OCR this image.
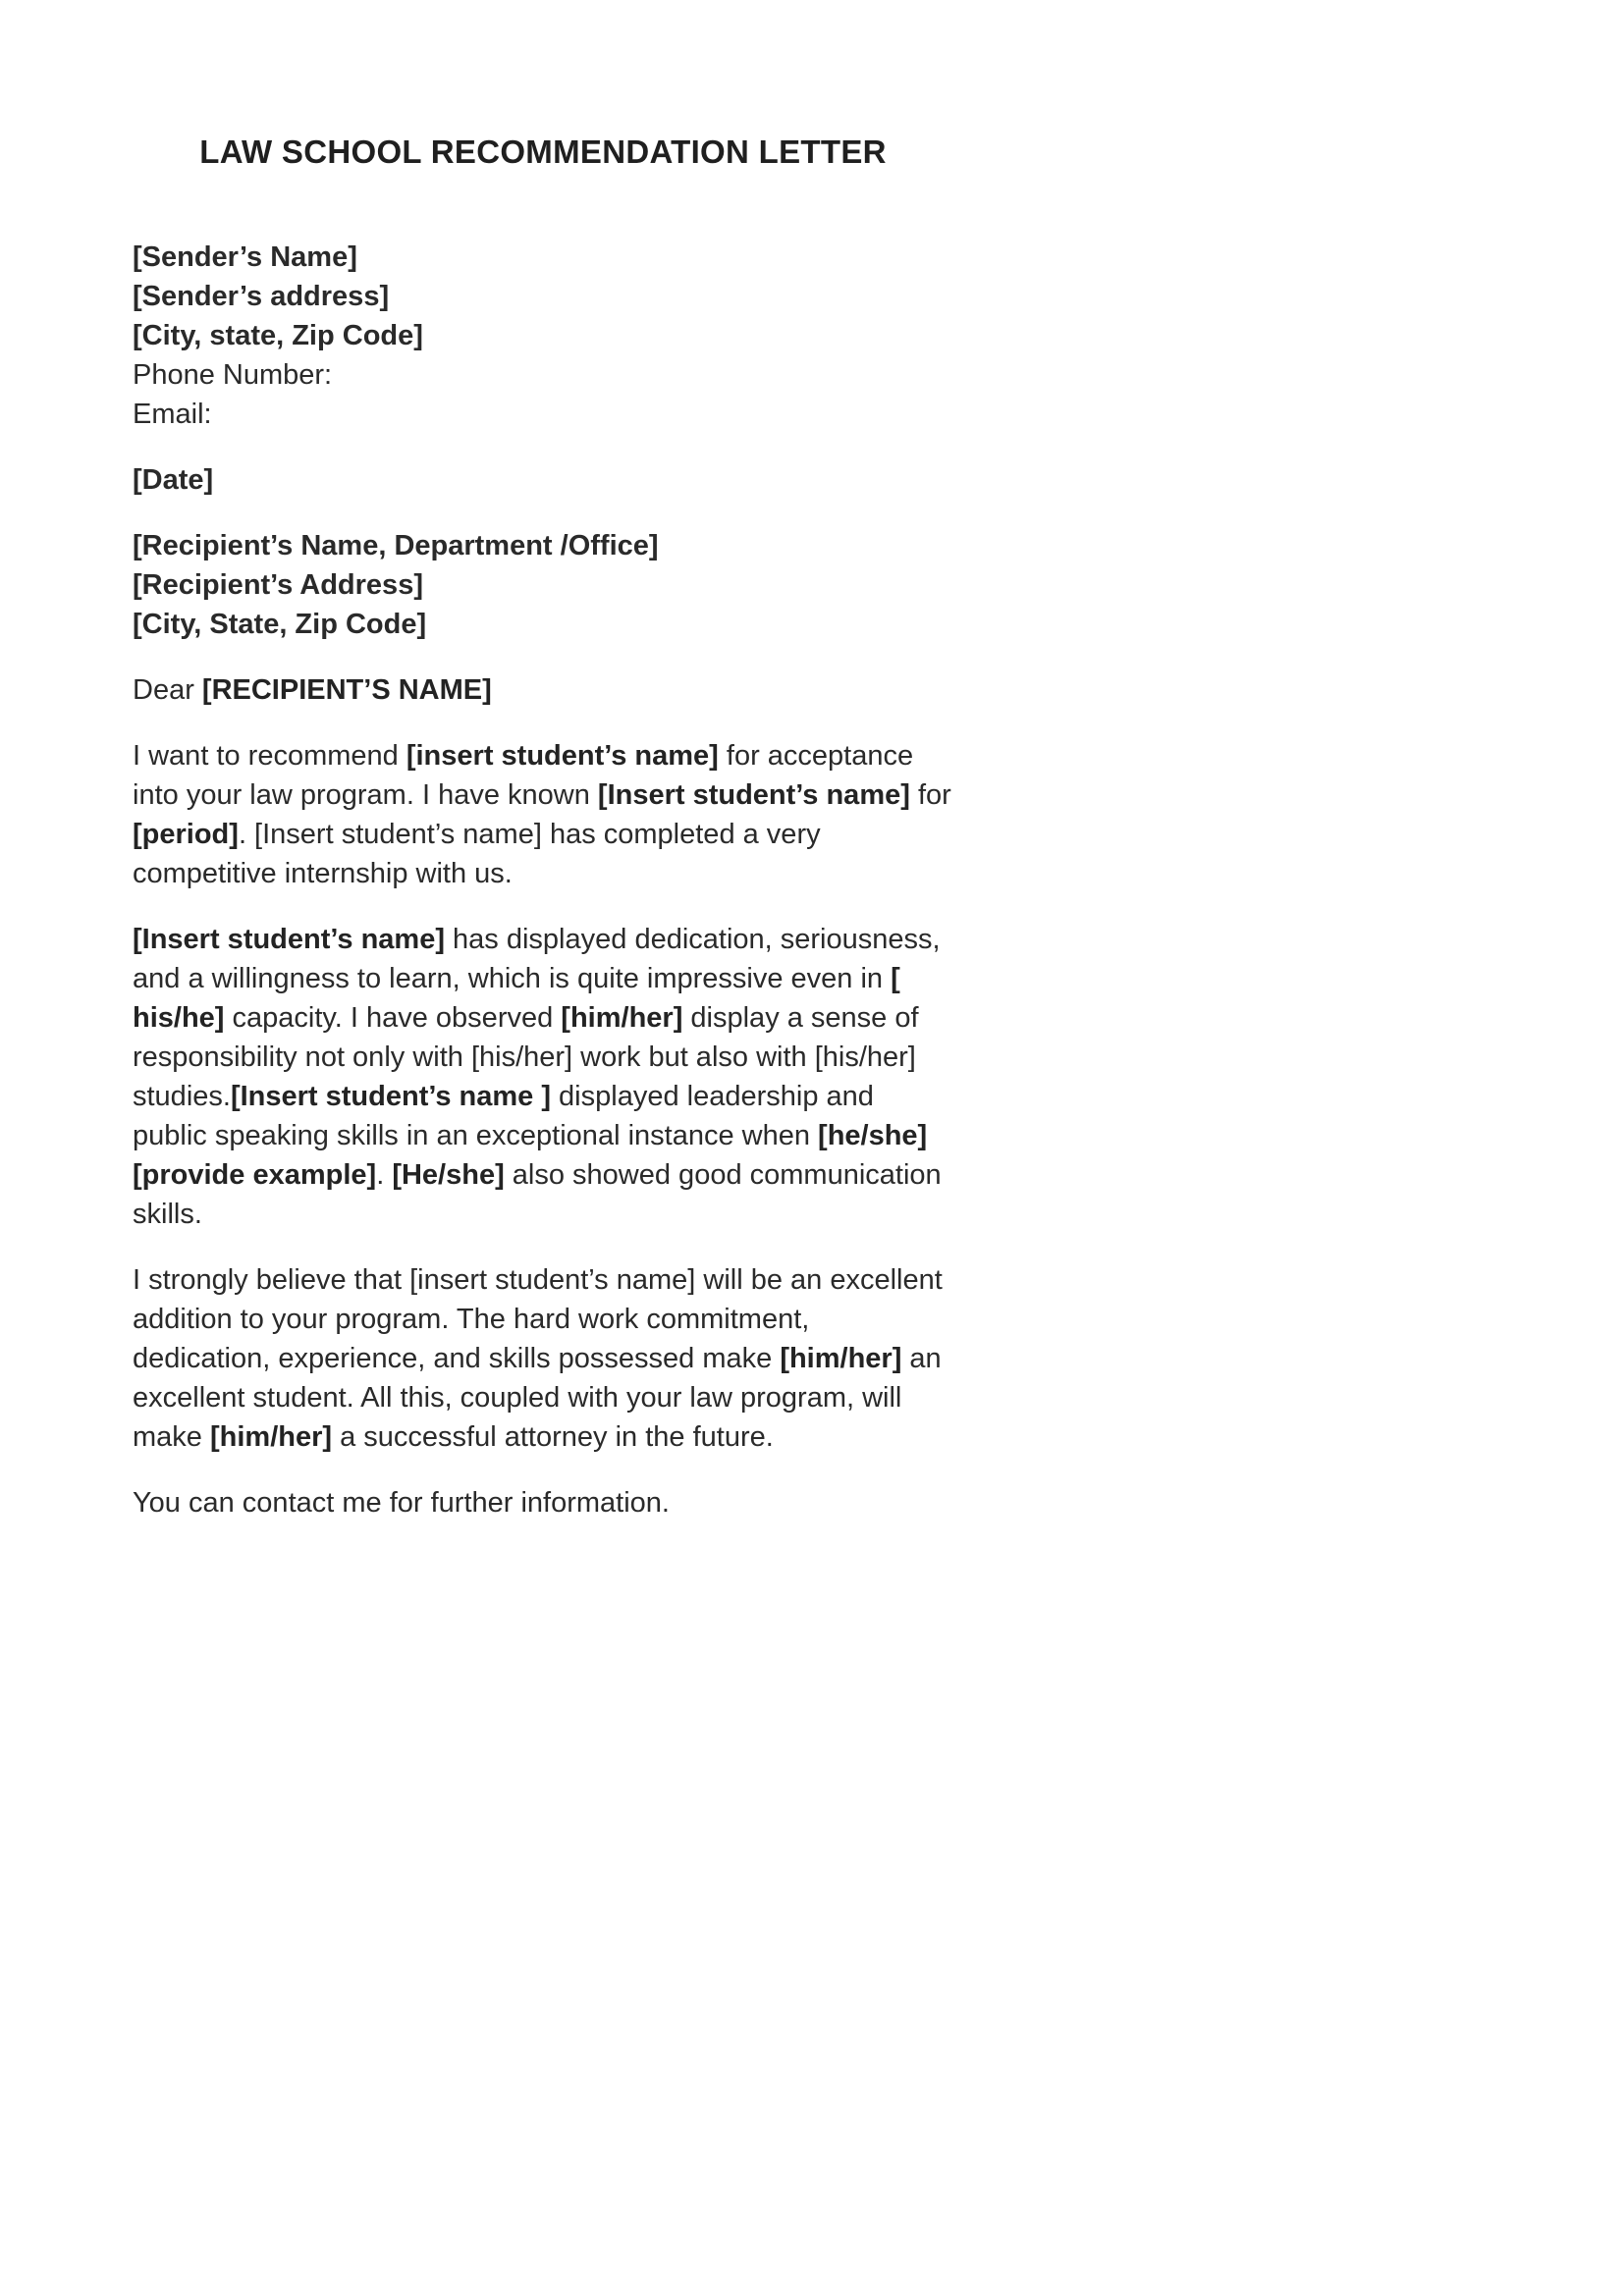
LAW SCHOOL RECOMMENDATION LETTER
[Sender’s Name]
[Sender’s address]
[City, state, Zip Code]
Phone Number:
Email:
[Date]
[Recipient’s Name, Department /Office]
[Recipient’s Address]
[City, State, Zip Code]
Dear [RECIPIENT’S NAME]

I want to recommend [insert student’s name] for acceptance into your law program. I have known [Insert student’s name] for [period]. [Insert student’s name] has completed a very competitive internship with us.

[Insert student’s name] has displayed dedication, seriousness, and a willingness to learn, which is quite impressive even in [ his/he] capacity. I have observed [him/her] display a sense of responsibility not only with [his/her] work but also with [his/her] studies.[Insert student’s name ] displayed leadership and public speaking skills in an exceptional instance when [he/she][provide example]. [He/she] also showed good communication skills.

I strongly believe that [insert student’s name] will be an excellent addition to your program. The hard work commitment, dedication, experience, and skills possessed make [him/her] an excellent student. All this, coupled with your law program, will make [him/her] a successful attorney in the future.

You can contact me for further information.
